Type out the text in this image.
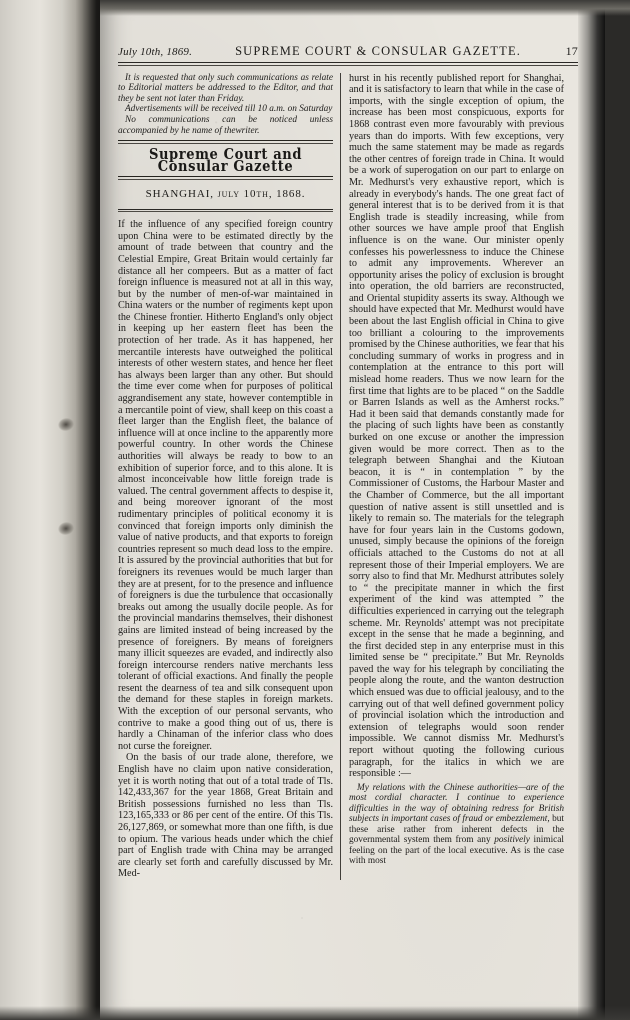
July 10th, 1869.	SUPREME COURT & CONSULAR GAZETTE.	17

It is requested that only such communications as relate to Editorial matters be addressed to the Editor, and that they be sent not later than Friday.

Advertisements will be received till 10 a.m. on Saturday

No communications can be noticed unless accompanied by he name of thewriter.

Supreme Court and Consular Gazette
SHANGHAI, july 10th, 1868.

If the influence of any specified foreign country upon China were to be estimated directly by the amount of trade between that country and the Celestial Empire, Great Britain would certainly far distance all her compeers. But as a matter of fact foreign influence is measured not at all in this way, but by the number of men-of-war maintained in China waters or the number of regiments kept upon the Chinese frontier. Hitherto England's only object in keeping up her eastern fleet has been the protection of her trade. As it has happened, her mercantile interests have outweighed the political interests of other western states, and hence her fleet has always been larger than any other. But should the time ever come when for purposes of political aggrandisement any state, however contemptible in a mercantile point of view, shall keep on this coast a fleet larger than the English fleet, the balance of influence will at once incline to the apparently more powerful country. In other words the Chinese authorities will always be ready to bow to an exhibition of superior force, and to this alone. It is almost inconceivable how little foreign trade is valued. The central government affects to despise it, and being moreover ignorant of the most rudimentary principles of political economy it is convinced that foreign imports only diminish the value of native products, and that exports to foreign countries represent so much dead loss to the empire. It is assured by the provincial authorities that but for foreigners its revenues would be much larger than they are at present, for to the presence and influence of foreigners is due the turbulence that occasionally breaks out among the usually docile people. As for the provincial mandarins themselves, their dishonest gains are limited instead of being increased by the presence of foreigners. By means of foreigners many illicit squeezes are evaded, and indirectly also foreign intercourse renders native merchants less tolerant of official exactions. And finally the people resent the dearness of tea and silk consequent upon the demand for these staples in foreign markets. With the exception of our personal servants, who contrive to make a good thing out of us, there is hardly a Chinaman of the inferior class who does not curse the foreigner.

On the basis of our trade alone, therefore, we English have no claim upon native consideration, yet it is worth noting that out of a total trade of Tls. 142,433,367 for the year 1868, Great Britain and British possessions furnished no less than Tls. 123,165,333 or 86 per cent of the entire. Of this Tls. 26,127,869, or somewhat more than one fifth, is due to opium. The various heads under which the chief part of English trade with China may be arranged are clearly set forth and carefully discussed by Mr. Med-

hurst in his recently published report for Shanghai, and it is satisfactory to learn that while in the case of imports, with the single exception of opium, the increase has been most conspicuous, exports for 1868 contrast even more favourably with previous years than do imports. With few exceptions, very much the same statement may be made as regards the other centres of foreign trade in China. It would be a work of superogation on our part to enlarge on Mr. Medhurst's very exhaustive report, which is already in everybody's hands. The one great fact of general interest that is to be derived from it is that English trade is steadily increasing, while from other sources we have ample proof that English influence is on the wane. Our minister openly confesses his powerlessness to induce the Chinese to admit any improvements. Wherever an opportunity arises the policy of exclusion is brought into operation, the old barriers are reconstructed, and Oriental stupidity asserts its sway. Although we should have expected that Mr. Medhurst would have been about the last English official in China to give too brilliant a colouring to the improvements promised by the Chinese authorities, we fear that his concluding summary of works in progress and in contemplation at the entrance to this port will mislead home readers. Thus we now learn for the first time that lights are to be placed “ on the Saddle or Barren Islands as well as the Amherst rocks.” Had it been said that demands constantly made for the placing of such lights have been as constantly burked on one excuse or another the impression given would be more correct. Then as to the telegraph between Shanghai and the Kiutoan beacon, it is “ in contemplation ” by the Commissioner of Customs, the Harbour Master and the Chamber of Commerce, but the all important question of native assent is still unsettled and is likely to remain so. The materials for the telegraph have for four years lain in the Customs godown, unused, simply because the opinions of the foreign officials attached to the Customs do not at all represent those of their Imperial employers. We are sorry also to find that Mr. Medhurst attributes solely to “ the precipitate manner in which the first experiment of the kind was attempted ” the difficulties experienced in carrying out the telegraph scheme. Mr. Reynolds' attempt was not precipitate except in the sense that he made a beginning, and the first decided step in any enterprise must in this limited sense be “ precipitate.” But Mr. Reynolds paved the way for his telegraph by conciliating the people along the route, and the wanton destruction which ensued was due to official jealousy, and to the carrying out of that well defined government policy of provincial isolation which the introduction and extension of telegraphs would soon render impossible. We cannot dismiss Mr. Medhurst's report without quoting the following curious paragraph, for the italics in which we are responsible :—

My relations with the Chinese authorities—are of the most cordial character. I continue to experience difficulties in the way of obtaining redress for British subjects in important cases of fraud or embezzlement, but these arise rather from inherent defects in the governmental system them from any positively inimical feeling on the part of the local executive. As is the case with most
